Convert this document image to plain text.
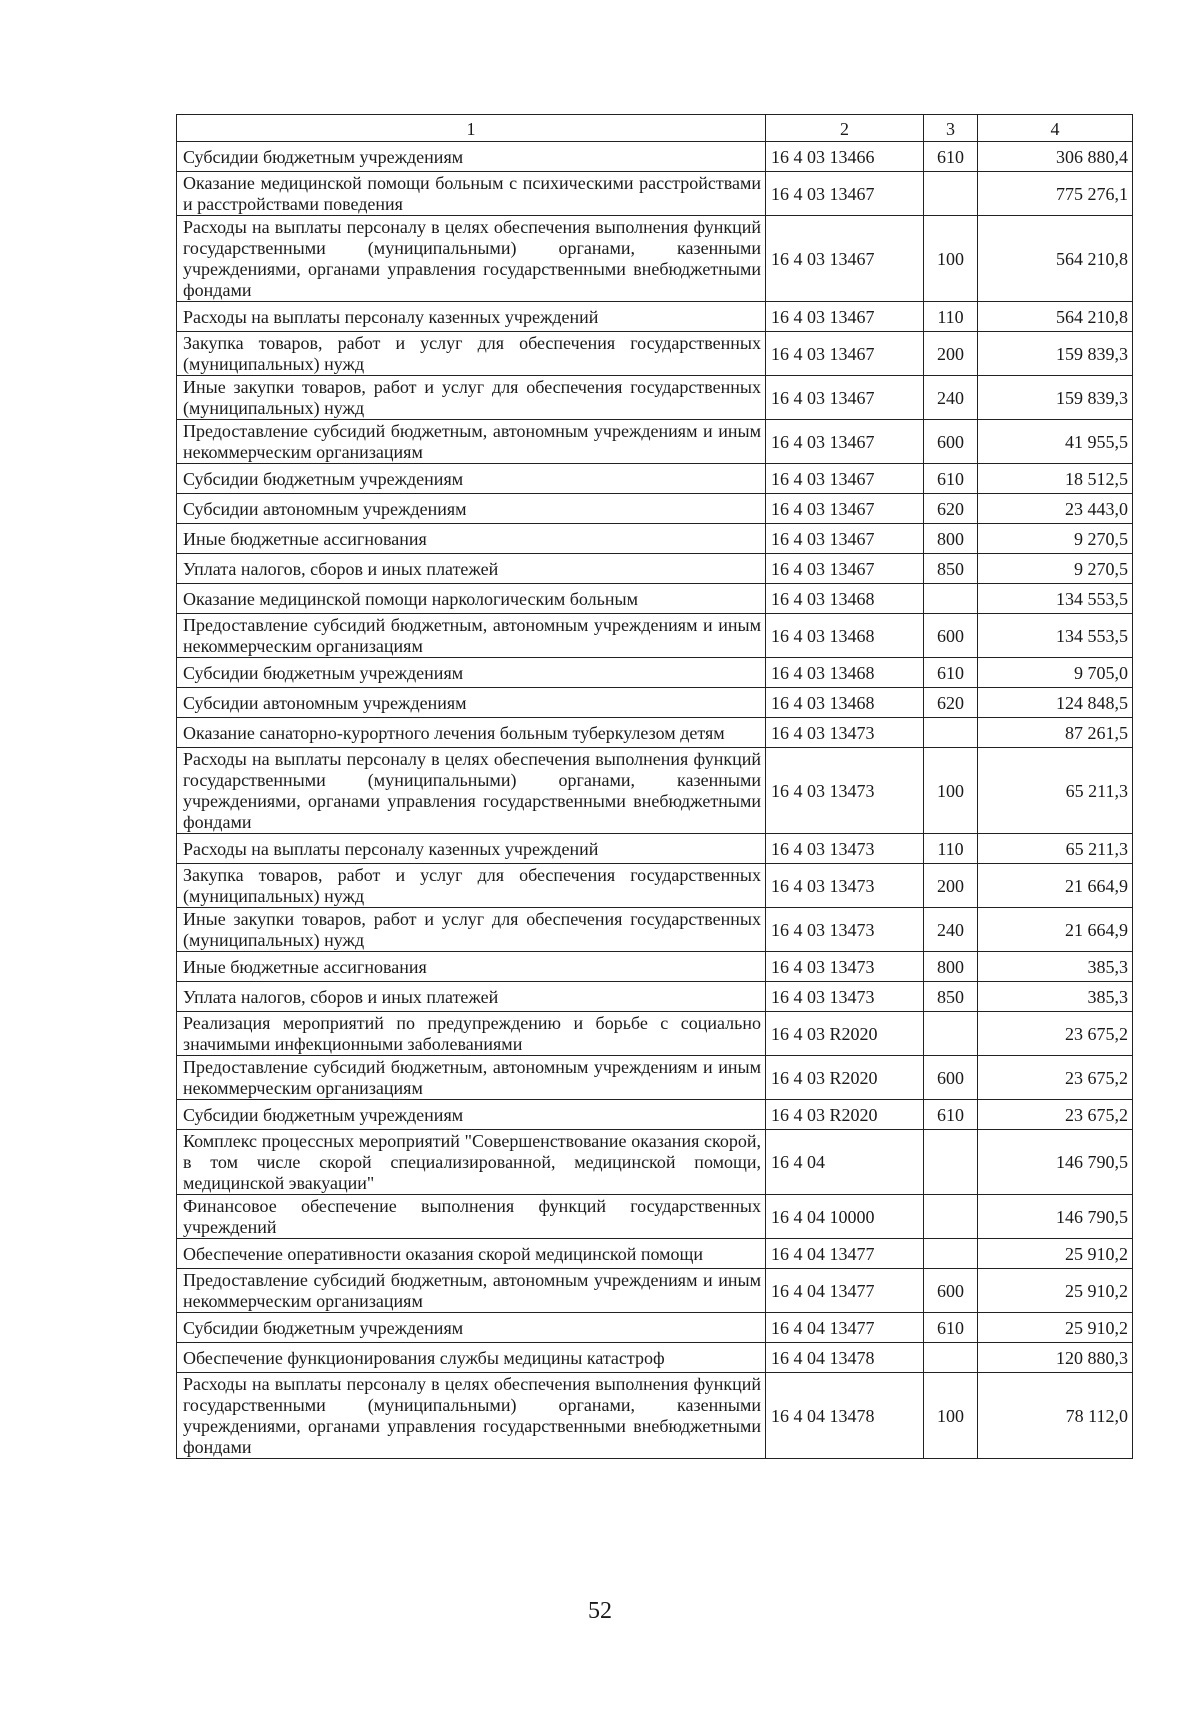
1	2	3	4
Субсидии бюджетным учреждениям	16 4 03 13466	610	306 880,4
Оказание медицинской помощи больным с психическими расстройствами и расстройствами поведения	16 4 03 13467		775 276,1
Расходы на выплаты персоналу в целях обеспечения выполнения функций государственными (муниципальными) органами, казенными учреждениями, органами управления государственными внебюджетными фондами	16 4 03 13467	100	564 210,8
Расходы на выплаты персоналу казенных учреждений	16 4 03 13467	110	564 210,8
Закупка товаров, работ и услуг для обеспечения государственных (муниципальных) нужд	16 4 03 13467	200	159 839,3
Иные закупки товаров, работ и услуг для обеспечения государственных (муниципальных) нужд	16 4 03 13467	240	159 839,3
Предоставление субсидий бюджетным, автономным учреждениям и иным некоммерческим организациям	16 4 03 13467	600	41 955,5
Субсидии бюджетным учреждениям	16 4 03 13467	610	18 512,5
Субсидии автономным учреждениям	16 4 03 13467	620	23 443,0
Иные бюджетные ассигнования	16 4 03 13467	800	9 270,5
Уплата налогов, сборов и иных платежей	16 4 03 13467	850	9 270,5
Оказание медицинской помощи наркологическим больным	16 4 03 13468		134 553,5
Предоставление субсидий бюджетным, автономным учреждениям и иным некоммерческим организациям	16 4 03 13468	600	134 553,5
Субсидии бюджетным учреждениям	16 4 03 13468	610	9 705,0
Субсидии автономным учреждениям	16 4 03 13468	620	124 848,5
Оказание санаторно-курортного лечения больным туберкулезом детям	16 4 03 13473		87 261,5
Расходы на выплаты персоналу в целях обеспечения выполнения функций государственными (муниципальными) органами, казенными учреждениями, органами управления государственными внебюджетными фондами	16 4 03 13473	100	65 211,3
Расходы на выплаты персоналу казенных учреждений	16 4 03 13473	110	65 211,3
Закупка товаров, работ и услуг для обеспечения государственных (муниципальных) нужд	16 4 03 13473	200	21 664,9
Иные закупки товаров, работ и услуг для обеспечения государственных (муниципальных) нужд	16 4 03 13473	240	21 664,9
Иные бюджетные ассигнования	16 4 03 13473	800	385,3
Уплата налогов, сборов и иных платежей	16 4 03 13473	850	385,3
Реализация мероприятий по предупреждению и борьбе с социально значимыми инфекционными заболеваниями	16 4 03 R2020		23 675,2
Предоставление субсидий бюджетным, автономным учреждениям и иным некоммерческим организациям	16 4 03 R2020	600	23 675,2
Субсидии бюджетным учреждениям	16 4 03 R2020	610	23 675,2
Комплекс процессных мероприятий "Совершенствование оказания скорой, в том числе скорой специализированной, медицинской помощи, медицинской эвакуации"	16 4 04		146 790,5
Финансовое обеспечение выполнения функций государственных учреждений	16 4 04 10000		146 790,5
Обеспечение оперативности оказания скорой медицинской помощи	16 4 04 13477		25 910,2
Предоставление субсидий бюджетным, автономным учреждениям и иным некоммерческим организациям	16 4 04 13477	600	25 910,2
Субсидии бюджетным учреждениям	16 4 04 13477	610	25 910,2
Обеспечение функционирования службы медицины катастроф	16 4 04 13478		120 880,3
Расходы на выплаты персоналу в целях обеспечения выполнения функций государственными (муниципальными) органами, казенными учреждениями, органами управления государственными внебюджетными фондами	16 4 04 13478	100	78 112,0
52
